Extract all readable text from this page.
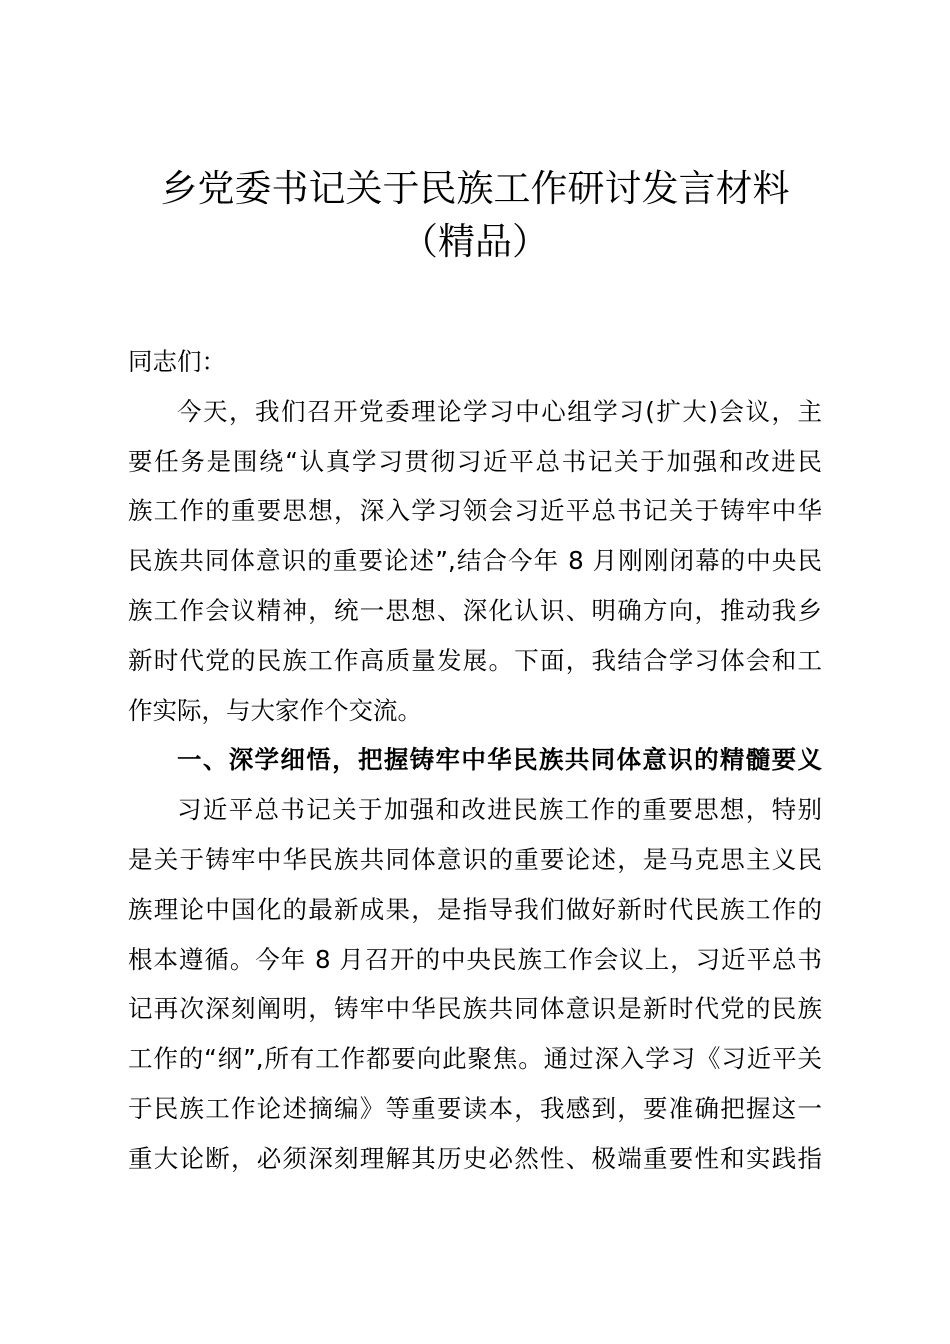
乡党委书记关于民族工作研讨发言材料
（精品）
同志们：
今天，我们召开党委理论学习中心组学习(扩大)会议，主
要任务是围绕“认真学习贯彻习近平总书记关于加强和改进民
族工作的重要思想，深入学习领会习近平总书记关于铸牢中华
民族共同体意识的重要论述”,结合今年 8 月刚刚闭幕的中央民
族工作会议精神，统一思想、深化认识、明确方向，推动我乡
新时代党的民族工作高质量发展。下面，我结合学习体会和工
作实际，与大家作个交流。
一、深学细悟，把握铸牢中华民族共同体意识的精髓要义
习近平总书记关于加强和改进民族工作的重要思想，特别
是关于铸牢中华民族共同体意识的重要论述，是马克思主义民
族理论中国化的最新成果，是指导我们做好新时代民族工作的
根本遵循。今年 8 月召开的中央民族工作会议上，习近平总书
记再次深刻阐明，铸牢中华民族共同体意识是新时代党的民族
工作的“纲”,所有工作都要向此聚焦。通过深入学习《习近平关
于民族工作论述摘编》等重要读本，我感到，要准确把握这一
重大论断，必须深刻理解其历史必然性、极端重要性和实践指
